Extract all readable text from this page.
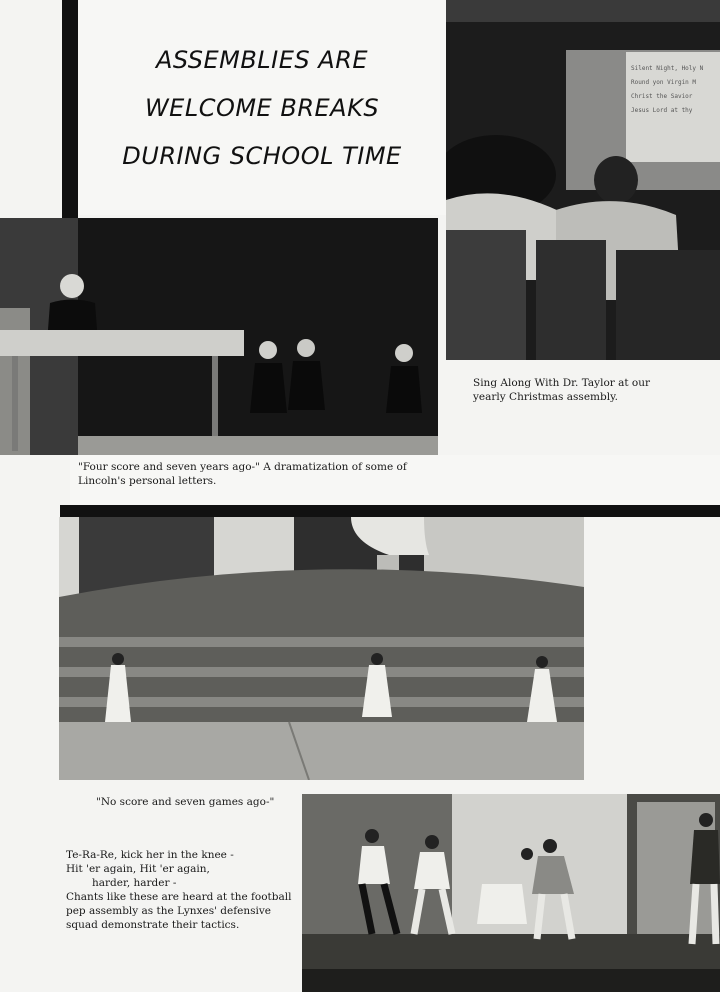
ASSEMBLIES ARE
WELCOME BREAKS
DURING SCHOOL TIME
Silent Night, Holy N
Round yon Virgin M
Christ the Savior
Jesus Lord at thy
"Four score and seven years ago-" A dramatization of some of
Lincoln's personal letters.
Sing Along With Dr. Taylor at our
yearly Christmas assembly.
"No score and seven games ago-"
Te-Ra-Re, kick her in the knee -
Hit 'er again, Hit 'er again,
harder, harder -
Chants like these are heard at the football
pep assembly as the Lynxes' defensive
squad demonstrate their tactics.
